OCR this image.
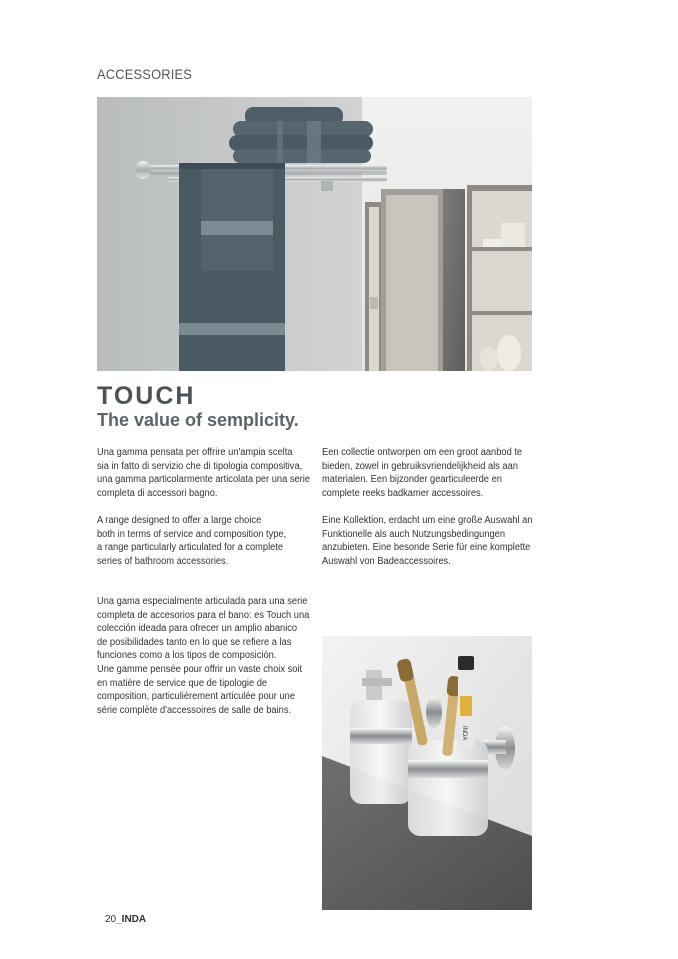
ACCESSORIES
TOUCH
The value of semplicity.

Una gamma pensata per offrire un'ampia scelta
sia in fatto di servizio che di tipologia compositiva,
una gamma particolarmente articolata per una serie
completa di accessori bagno.

A range designed to offer a large choice
both in terms of service and composition type,
a range particularly articulated for a complete
series of bathroom accessories.

Una gama especialmente articulada para una serie
completa de accesorios para el bano: es Touch una
colección ideada para ofrecer un amplio abanico
de posibilidades tanto en lo que se refiere a las
funciones como a los tipos de composición.

Une gamme pensée pour offrir un vaste choix soit
en matière de service que de tipologie de
composition, particulièrement articulée pour une
série complète d'accessoires de salle de bains.

Een collectie ontworpen om een groot aanbod te
bieden, zowel in gebruiksvriendelijkheid als aan
materialen. Een bijzonder gearticuleerde en
complete reeks badkamer accessoires.

Eine Kollektion, erdacht um eine große Auswahl an
Funktionelle als auch Nutzungsbedingungen
anzubieten. Eine besonde Serie für eine komplette
Auswahl von Badeaccessoires.

INDA
20_INDA
